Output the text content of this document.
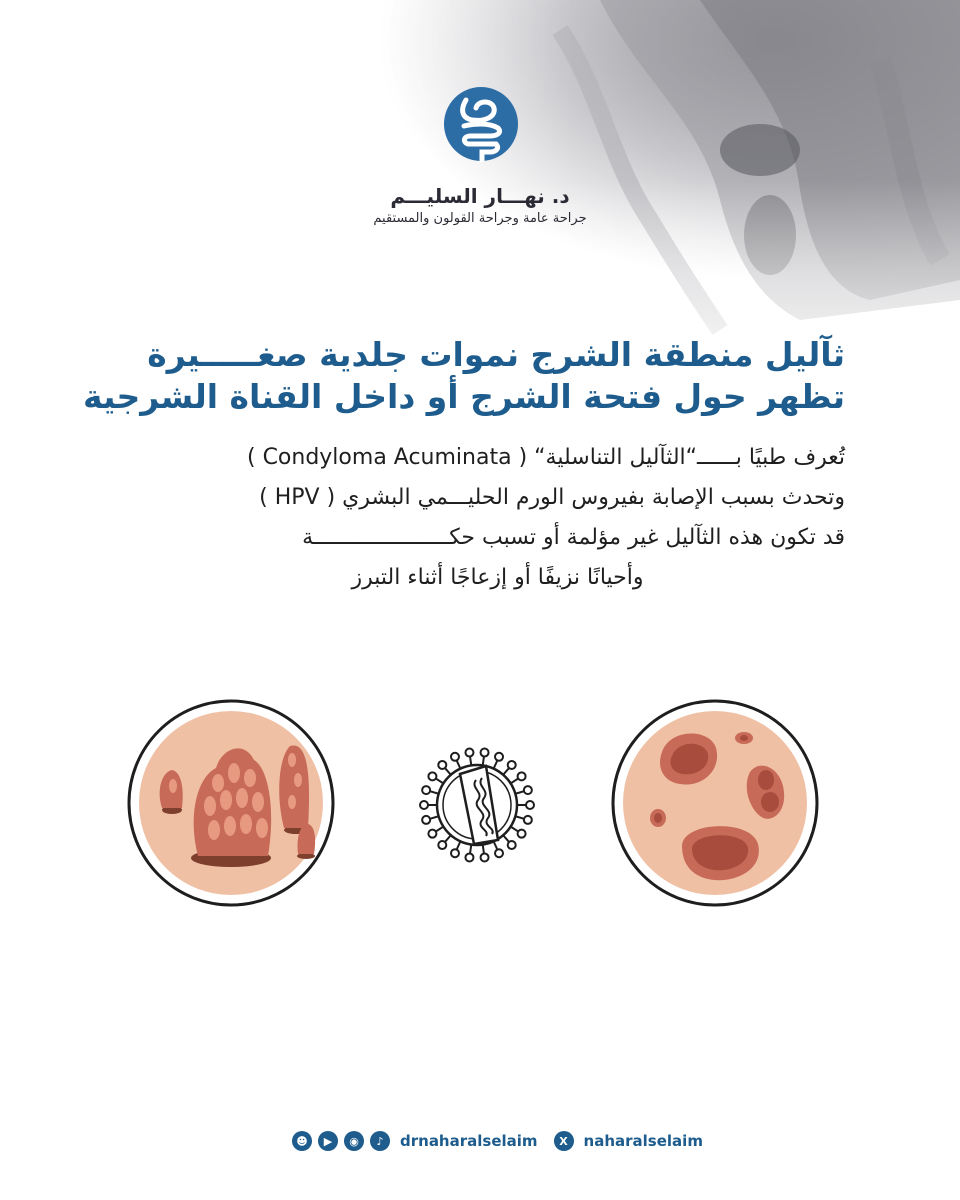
د. نهـــار السليـــم
جراحة عامة وجراحة القولون والمستقيم
ثآليل منطقة الشرج نموات جلدية صغـــــيرة
تظهر حول فتحة الشرج أو داخل القناة الشرجية
تُعرف طبيًا بــــــ“الثآليل التناسلية“ ( Condyloma Acuminata )
وتحدث بسبب الإصابة بفيروس الورم الحليـــمي البشري ( HPV )
قد تكون هذه الثآليل غير مؤلمة أو تسبب حكـــــــــــــــــــــة
وأحيانًا نزيفًا أو إزعاجًا أثناء التبرز
☻	▶	◉	♪	drnaharalselaim	X	naharalselaim
